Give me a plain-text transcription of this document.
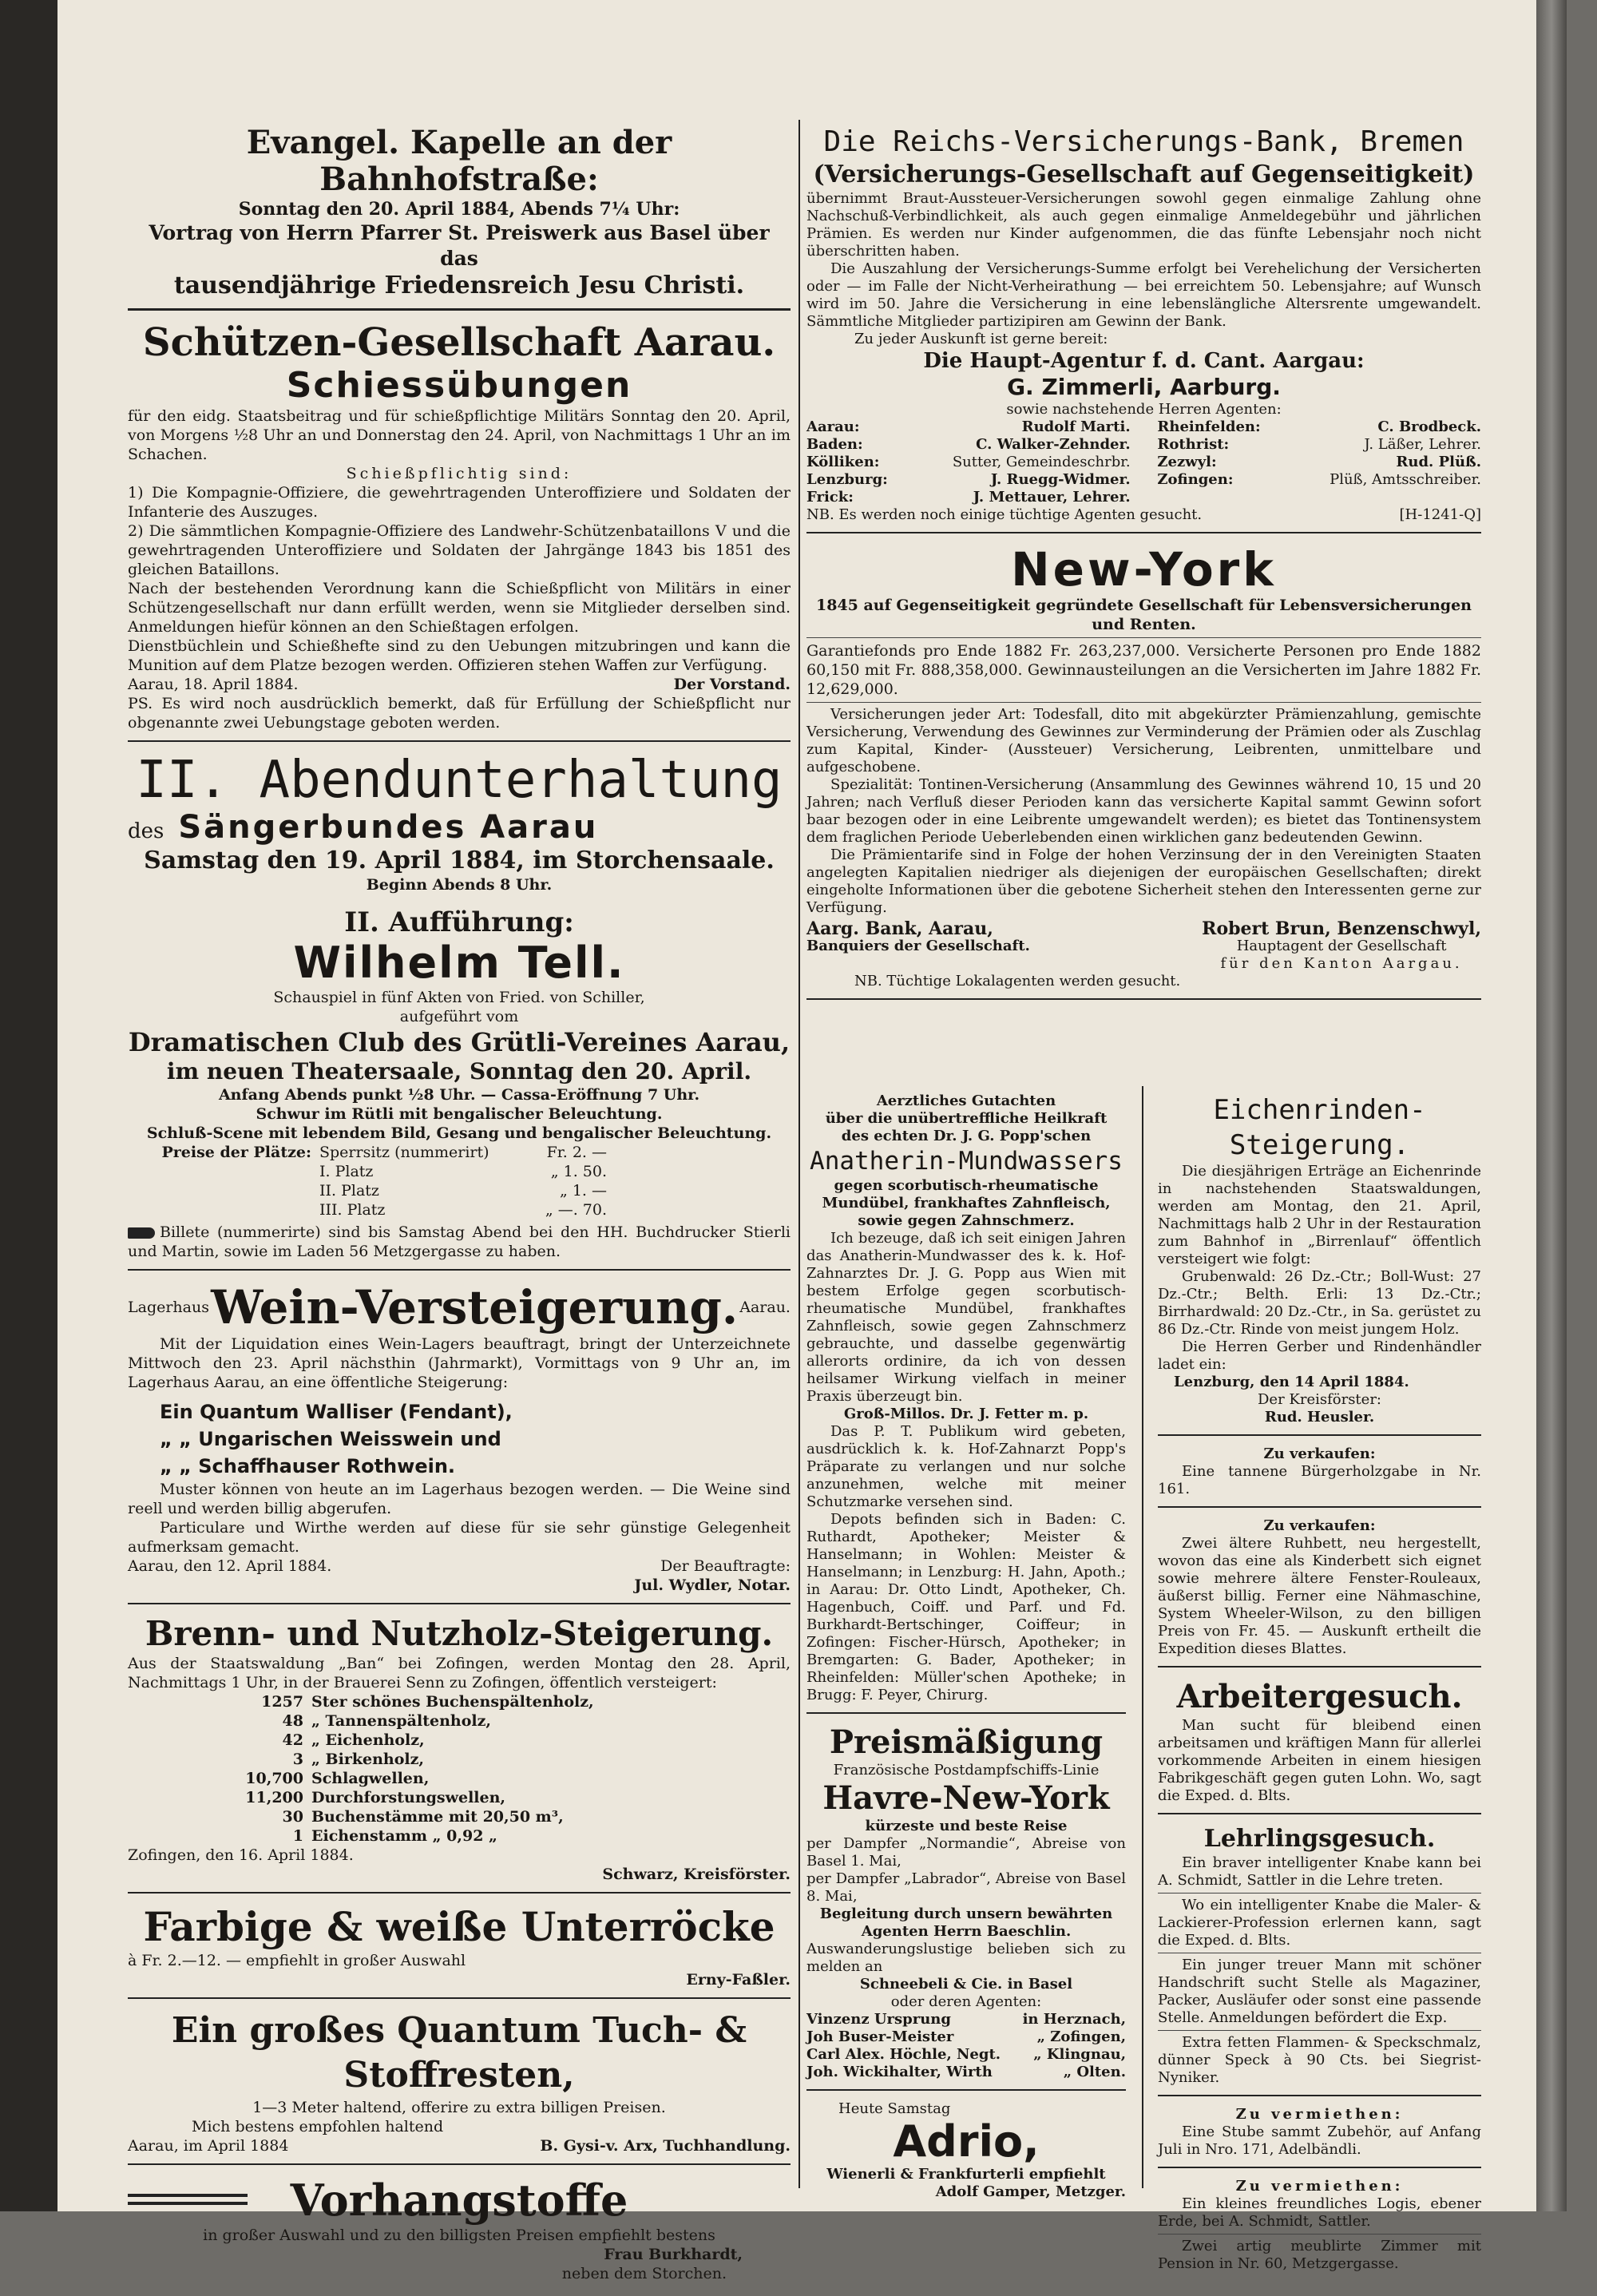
Evangel. Kapelle an der Bahnhofstraße:
Sonntag den 20. April 1884, Abends 7¼ Uhr:
Vortrag von Herrn Pfarrer St. Preiswerk aus Basel über das
tausendjährige Friedensreich Jesu Christi.
Schützen-Gesellschaft Aarau.
Schiessübungen
für den eidg. Staatsbeitrag und für schießpflichtige Militärs Sonntag den 20. April, von Morgens ½8 Uhr an und Donnerstag den 24. April, von Nachmittags 1 Uhr an im Schachen.
Schießpflichtig sind:
1) Die Kompagnie-Offiziere, die gewehrtragenden Unteroffiziere und Soldaten der Infanterie des Auszuges.
2) Die sämmtlichen Kompagnie-Offiziere des Landwehr-Schützenbataillons V und die gewehrtragenden Unteroffiziere und Soldaten der Jahrgänge 1843 bis 1851 des gleichen Bataillons.
Nach der bestehenden Verordnung kann die Schießpflicht von Militärs in einer Schützengesellschaft nur dann erfüllt werden, wenn sie Mitglieder derselben sind. Anmeldungen hiefür können an den Schießtagen erfolgen.
Dienstbüchlein und Schießhefte sind zu den Uebungen mitzubringen und kann die Munition auf dem Platze bezogen werden. Offizieren stehen Waffen zur Verfügung.
Aarau, 18. April 1884.	Der Vorstand.
PS. Es wird noch ausdrücklich bemerkt, daß für Erfüllung der Schießpflicht nur obgenannte zwei Uebungstage geboten werden.
II. Abendunterhaltung
des Sängerbundes Aarau
Samstag den 19. April 1884, im Storchensaale.
Beginn Abends 8 Uhr.
II. Aufführung:
Wilhelm Tell.
Schauspiel in fünf Akten von Fried. von Schiller,
aufgeführt vom
Dramatischen Club des Grütli-Vereines Aarau,
im neuen Theatersaale, Sonntag den 20. April.
Anfang Abends punkt ½8 Uhr. — Cassa-Eröffnung 7 Uhr.
Schwur im Rütli mit bengalischer Beleuchtung.
Schluß-Scene mit lebendem Bild, Gesang und bengalischer Beleuchtung.
Preise der Plätze: Sperrsitz (nummerirt)	Fr. 2. —
I. Platz	„ 1. 50.
II. Platz	„ 1. —
III. Platz	„ —. 70.
Billete (nummerirte) sind bis Samstag Abend bei den HH. Buchdrucker Stierli und Martin, sowie im Laden 56 Metzgergasse zu haben.
Lagerhaus Wein-Versteigerung. Aarau.
Mit der Liquidation eines Wein-Lagers beauftragt, bringt der Unterzeichnete Mittwoch den 23. April nächsthin (Jahrmarkt), Vormittags von 9 Uhr an, im Lagerhaus Aarau, an eine öffentliche Steigerung:
Ein Quantum Walliser (Fendant),
„ „ Ungarischen Weisswein und
„ „ Schaffhauser Rothwein.
Muster können von heute an im Lagerhaus bezogen werden. — Die Weine sind reell und werden billig abgerufen.
Particulare und Wirthe werden auf diese für sie sehr günstige Gelegenheit aufmerksam gemacht.
Aarau, den 12. April 1884.	Der Beauftragte:
Jul. Wydler, Notar.
Brenn- und Nutzholz-Steigerung.
Aus der Staatswaldung „Ban“ bei Zofingen, werden Montag den 28. April, Nachmittags 1 Uhr, in der Brauerei Senn zu Zofingen, öffentlich versteigert:
1257 Ster schönes Buchenspältenholz,
48 „ Tannenspältenholz,
42 „ Eichenholz,
3 „ Birkenholz,
10,700 Schlagwellen,
11,200 Durchforstungswellen,
30 Buchenstämme mit 20,50 m³,
1 Eichenstamm „ 0,92 „
Zofingen, den 16. April 1884.
Schwarz, Kreisförster.
Farbige & weiße Unterröcke
à Fr. 2.—12. — empfiehlt in großer Auswahl
Erny-Faßler.
Ein großes Quantum Tuch- & Stoffresten,
1—3 Meter haltend, offerire zu extra billigen Preisen.
Mich bestens empfohlen haltend
Aarau, im April 1884	B. Gysi-v. Arx, Tuchhandlung.
Vorhangstoffe
in großer Auswahl und zu den billigsten Preisen empfiehlt bestens
Frau Burkhardt,
neben dem Storchen.
Die Reichs-Versicherungs-Bank, Bremen
(Versicherungs-Gesellschaft auf Gegenseitigkeit)
übernimmt Braut-Aussteuer-Versicherungen sowohl gegen einmalige Zahlung ohne Nachschuß-Verbindlichkeit, als auch gegen einmalige Anmeldegebühr und jährlichen Prämien. Es werden nur Kinder aufgenommen, die das fünfte Lebensjahr noch nicht überschritten haben.
Die Auszahlung der Versicherungs-Summe erfolgt bei Verehelichung der Versicherten oder — im Falle der Nicht-Verheirathung — bei erreichtem 50. Lebensjahre; auf Wunsch wird im 50. Jahre die Versicherung in eine lebenslängliche Altersrente umgewandelt. Sämmtliche Mitglieder partizipiren am Gewinn der Bank.
Zu jeder Auskunft ist gerne bereit:
Die Haupt-Agentur f. d. Cant. Aargau:
G. Zimmerli, Aarburg.
sowie nachstehende Herren Agenten:
Aarau:	Rudolf Marti.
Baden:	C. Walker-Zehnder.
Kölliken:	Sutter, Gemeindeschrbr.
Lenzburg:	J. Ruegg-Widmer.
Frick:	J. Mettauer, Lehrer.
Rheinfelden:	C. Brodbeck.
Rothrist:	J. Läßer, Lehrer.
Zezwyl:	Rud. Plüß.
Zofingen:	Plüß, Amtsschreiber.
NB. Es werden noch einige tüchtige Agenten gesucht.	[H-1241-Q]
New-York
1845 auf Gegenseitigkeit gegründete Gesellschaft für Lebensversicherungen
und Renten.
Garantiefonds pro Ende 1882 Fr. 263,237,000. Versicherte Personen pro Ende 1882 60,150 mit Fr. 888,358,000. Gewinnausteilungen an die Versicherten im Jahre 1882 Fr. 12,629,000.
Versicherungen jeder Art: Todesfall, dito mit abgekürzter Prämienzahlung, gemischte Versicherung, Verwendung des Gewinnes zur Verminderung der Prämien oder als Zuschlag zum Kapital, Kinder- (Aussteuer) Versicherung, Leibrenten, unmittelbare und aufgeschobene.
Spezialität: Tontinen-Versicherung (Ansammlung des Gewinnes während 10, 15 und 20 Jahren; nach Verfluß dieser Perioden kann das versicherte Kapital sammt Gewinn sofort baar bezogen oder in eine Leibrente umgewandelt werden); es bietet das Tontinensystem dem fraglichen Periode Ueberlebenden einen wirklichen ganz bedeutenden Gewinn.
Die Prämientarife sind in Folge der hohen Verzinsung der in den Vereinigten Staaten angelegten Kapitalien niedriger als diejenigen der europäischen Gesellschaften; direkt eingeholte Informationen über die gebotene Sicherheit stehen den Interessenten gerne zur Verfügung.
Aarg. Bank, Aarau,
Banquiers der Gesellschaft.
Robert Brun, Benzenschwyl,
Hauptagent der Gesellschaft
für den Kanton Aargau.
NB. Tüchtige Lokalagenten werden gesucht.
Aerztliches Gutachten
über die unübertreffliche Heilkraft
des echten Dr. J. G. Popp'schen
Anatherin-Mundwassers
gegen scorbutisch-rheumatische Mundübel, frankhaftes Zahnfleisch, sowie gegen Zahnschmerz.
Ich bezeuge, daß ich seit einigen Jahren das Anatherin-Mundwasser des k. k. Hof-Zahnarztes Dr. J. G. Popp aus Wien mit bestem Erfolge gegen scorbutisch-rheumatische Mundübel, frankhaftes Zahnfleisch, sowie gegen Zahnschmerz gebrauchte, und dasselbe gegenwärtig allerorts ordinire, da ich von dessen heilsamer Wirkung vielfach in meiner Praxis überzeugt bin.
Groß-Millos. Dr. J. Fetter m. p.
Das P. T. Publikum wird gebeten, ausdrücklich k. k. Hof-Zahnarzt Popp's Präparate zu verlangen und nur solche anzunehmen, welche mit meiner Schutzmarke versehen sind.
Depots befinden sich in Baden: C. Ruthardt, Apotheker; Meister & Hanselmann; in Wohlen: Meister & Hanselmann; in Lenzburg: H. Jahn, Apoth.; in Aarau: Dr. Otto Lindt, Apotheker, Ch. Hagenbuch, Coiff. und Parf. und Fd. Burkhardt-Bertschinger, Coiffeur; in Zofingen: Fischer-Hürsch, Apotheker; in Bremgarten: G. Bader, Apotheker; in Rheinfelden: Müller'schen Apotheke; in Brugg: F. Peyer, Chirurg.
Preismäßigung
Französische Postdampfschiffs-Linie
Havre-New-York
kürzeste und beste Reise
per Dampfer „Normandie“, Abreise von Basel 1. Mai,
per Dampfer „Labrador“, Abreise von Basel 8. Mai,
Begleitung durch unsern bewährten Agenten Herrn Baeschlin.
Auswanderungslustige belieben sich zu melden an
Schneebeli & Cie. in Basel
oder deren Agenten:
Vinzenz Ursprung	in Herznach,
Joh Buser-Meister	„ Zofingen,
Carl Alex. Höchle, Negt. „ Klingnau,
Joh. Wickihalter, Wirth	„ Olten.
Heute Samstag
Adrio,
Wienerli & Frankfurterli empfiehlt
Adolf Gamper, Metzger.
Eichenrinden-Steigerung.
Die diesjährigen Erträge an Eichenrinde in nachstehenden Staatswaldungen, werden am Montag, den 21. April, Nachmittags halb 2 Uhr in der Restauration zum Bahnhof in „Birrenlauf“ öffentlich versteigert wie folgt:
Grubenwald: 26 Dz.-Ctr.; Boll-Wust: 27 Dz.-Ctr.; Belth. Erli: 13 Dz.-Ctr.; Birrhardwald: 20 Dz.-Ctr., in Sa. gerüstet zu 86 Dz.-Ctr. Rinde von meist jungem Holz.
Die Herren Gerber und Rindenhändler ladet ein:
Lenzburg, den 14 April 1884.
Der Kreisförster:
Rud. Heusler.
Zu verkaufen:
Eine tannene Bürgerholzgabe in Nr. 161.
Zu verkaufen:
Zwei ältere Ruhbett, neu hergestellt, wovon das eine als Kinderbett sich eignet sowie mehrere ältere Fenster-Rouleaux, äußerst billig. Ferner eine Nähmaschine, System Wheeler-Wilson, zu den billigen Preis von Fr. 45. — Auskunft ertheilt die Expedition dieses Blattes.
Arbeitergesuch.
Man sucht für bleibend einen arbeitsamen und kräftigen Mann für allerlei vorkommende Arbeiten in einem hiesigen Fabrikgeschäft gegen guten Lohn. Wo, sagt die Exped. d. Blts.
Lehrlingsgesuch.
Ein braver intelligenter Knabe kann bei A. Schmidt, Sattler in die Lehre treten.
Wo ein intelligenter Knabe die Maler- & Lackierer-Profession erlernen kann, sagt die Exped. d. Blts.
Ein junger treuer Mann mit schöner Handschrift sucht Stelle als Magaziner, Packer, Ausläufer oder sonst eine passende Stelle. Anmeldungen befördert die Exp.
Extra fetten Flammen- & Speckschmalz, dünner Speck à 90 Cts. bei Siegrist-Nyniker.
Zu vermiethen:
Eine Stube sammt Zubehör, auf Anfang Juli in Nro. 171, Adelbändli.
Zu vermiethen:
Ein kleines freundliches Logis, ebener Erde, bei A. Schmidt, Sattler.
Zwei artig meublirte Zimmer mit Pension in Nr. 60, Metzgergasse.
